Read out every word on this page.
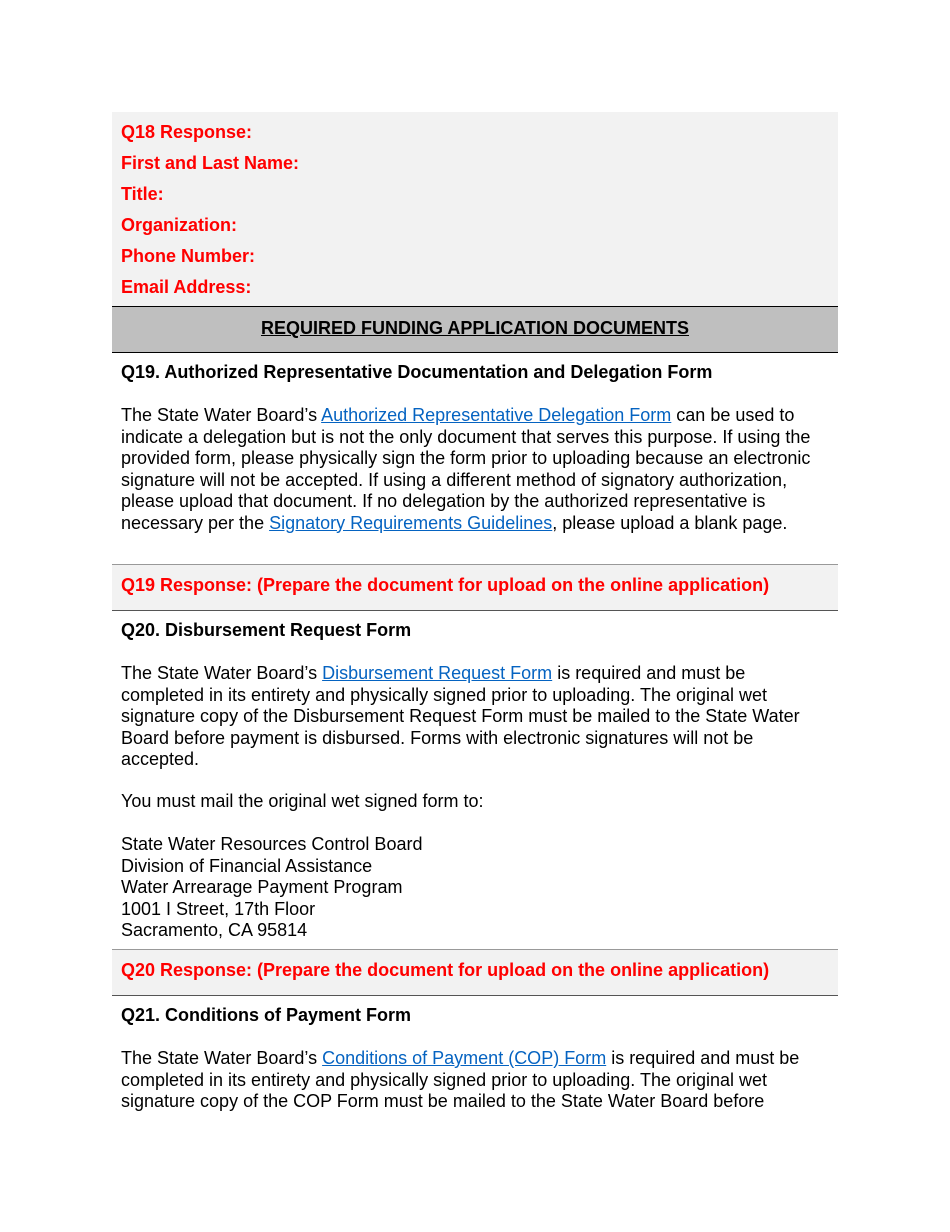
Q18 Response:
First and Last Name:
Title:
Organization:
Phone Number:
Email Address:
REQUIRED FUNDING APPLICATION DOCUMENTS
Q19. Authorized Representative Documentation and Delegation Form
The State Water Board’s Authorized Representative Delegation Form can be used to indicate a delegation but is not the only document that serves this purpose. If using the provided form, please physically sign the form prior to uploading because an electronic signature will not be accepted. If using a different method of signatory authorization, please upload that document. If no delegation by the authorized representative is necessary per the Signatory Requirements Guidelines, please upload a blank page.
Q19 Response: (Prepare the document for upload on the online application)
Q20. Disbursement Request Form
The State Water Board’s Disbursement Request Form is required and must be completed in its entirety and physically signed prior to uploading. The original wet signature copy of the Disbursement Request Form must be mailed to the State Water Board before payment is disbursed. Forms with electronic signatures will not be accepted.
You must mail the original wet signed form to:
State Water Resources Control Board
Division of Financial Assistance
Water Arrearage Payment Program
1001 I Street, 17th Floor
Sacramento, CA 95814
Q20 Response: (Prepare the document for upload on the online application)
Q21. Conditions of Payment Form
The State Water Board’s Conditions of Payment (COP) Form is required and must be completed in its entirety and physically signed prior to uploading. The original wet signature copy of the COP Form must be mailed to the State Water Board before
